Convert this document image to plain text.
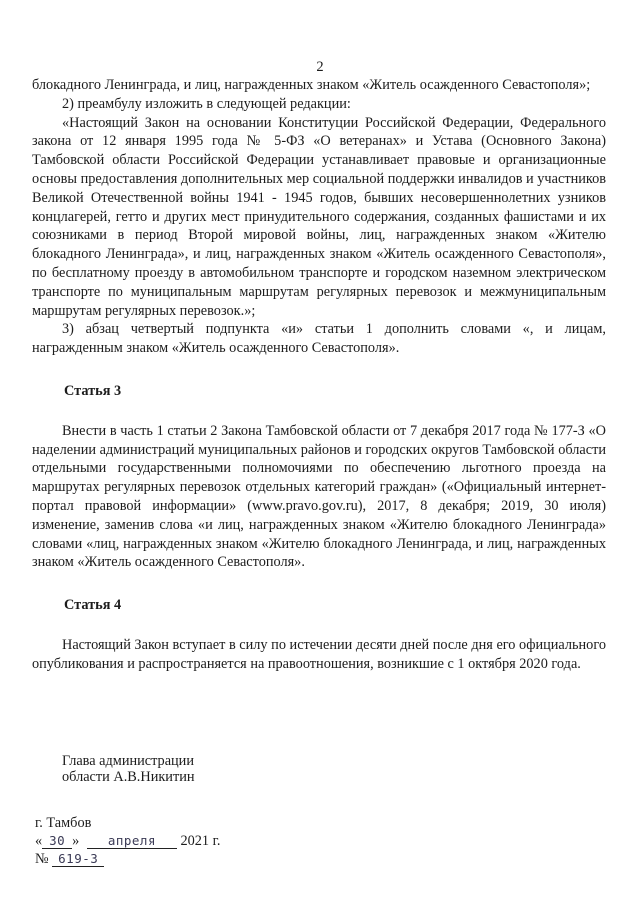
2

блокадного Ленинграда, и лиц, награжденных знаком «Житель осажденного Севастополя»;

2) преамбулу изложить в следующей редакции:

«Настоящий Закон на основании Конституции Российской Федерации, Федерального закона от 12 января 1995 года № 5-ФЗ «О ветеранах» и Устава (Основного Закона) Тамбовской области Российской Федерации устанавливает правовые и организационные основы предоставления дополнительных мер социальной поддержки инвалидов и участников Великой Отечественной войны 1941 - 1945 годов, бывших несовершеннолетних узников концлагерей, гетто и других мест принудительного содержания, созданных фашистами и их союзниками в период Второй мировой войны, лиц, награжденных знаком «Жителю блокадного Ленинграда», и лиц, награжденных знаком «Житель осажденного Севастополя», по бесплатному проезду в автомобильном транспорте и городском наземном электрическом транспорте по муниципальным маршрутам регулярных перевозок и межмуниципальным маршрутам регулярных перевозок.»;

3) абзац четвертый подпункта «и» статьи 1 дополнить словами «, и лицам, награжденным знаком «Житель осажденного Севастополя».

Статья 3

Внести в часть 1 статьи 2 Закона Тамбовской области от 7 декабря 2017 года № 177-З «О наделении администраций муниципальных районов и городских округов Тамбовской области отдельными государственными полномочиями по обеспечению льготного проезда на маршрутах регулярных перевозок отдельных категорий граждан» («Официальный интернет-портал правовой информации» (www.pravo.gov.ru), 2017, 8 декабря; 2019, 30 июля) изменение, заменив слова «и лиц, награжденных знаком «Жителю блокадного Ленинграда» словами «лиц, награжденных знаком «Жителю блокадного Ленинграда, и лиц, награжденных знаком «Житель осажденного Севастополя».

Статья 4

Настоящий Закон вступает в силу по истечении десяти дней после дня его официального опубликования и распространяется на правоотношения, возникшие с 1 октября 2020 года.

Глава администрации
области А.В.Никитин
г. Тамбов
« 30 » апреля 2021 г.
№ 619-З
